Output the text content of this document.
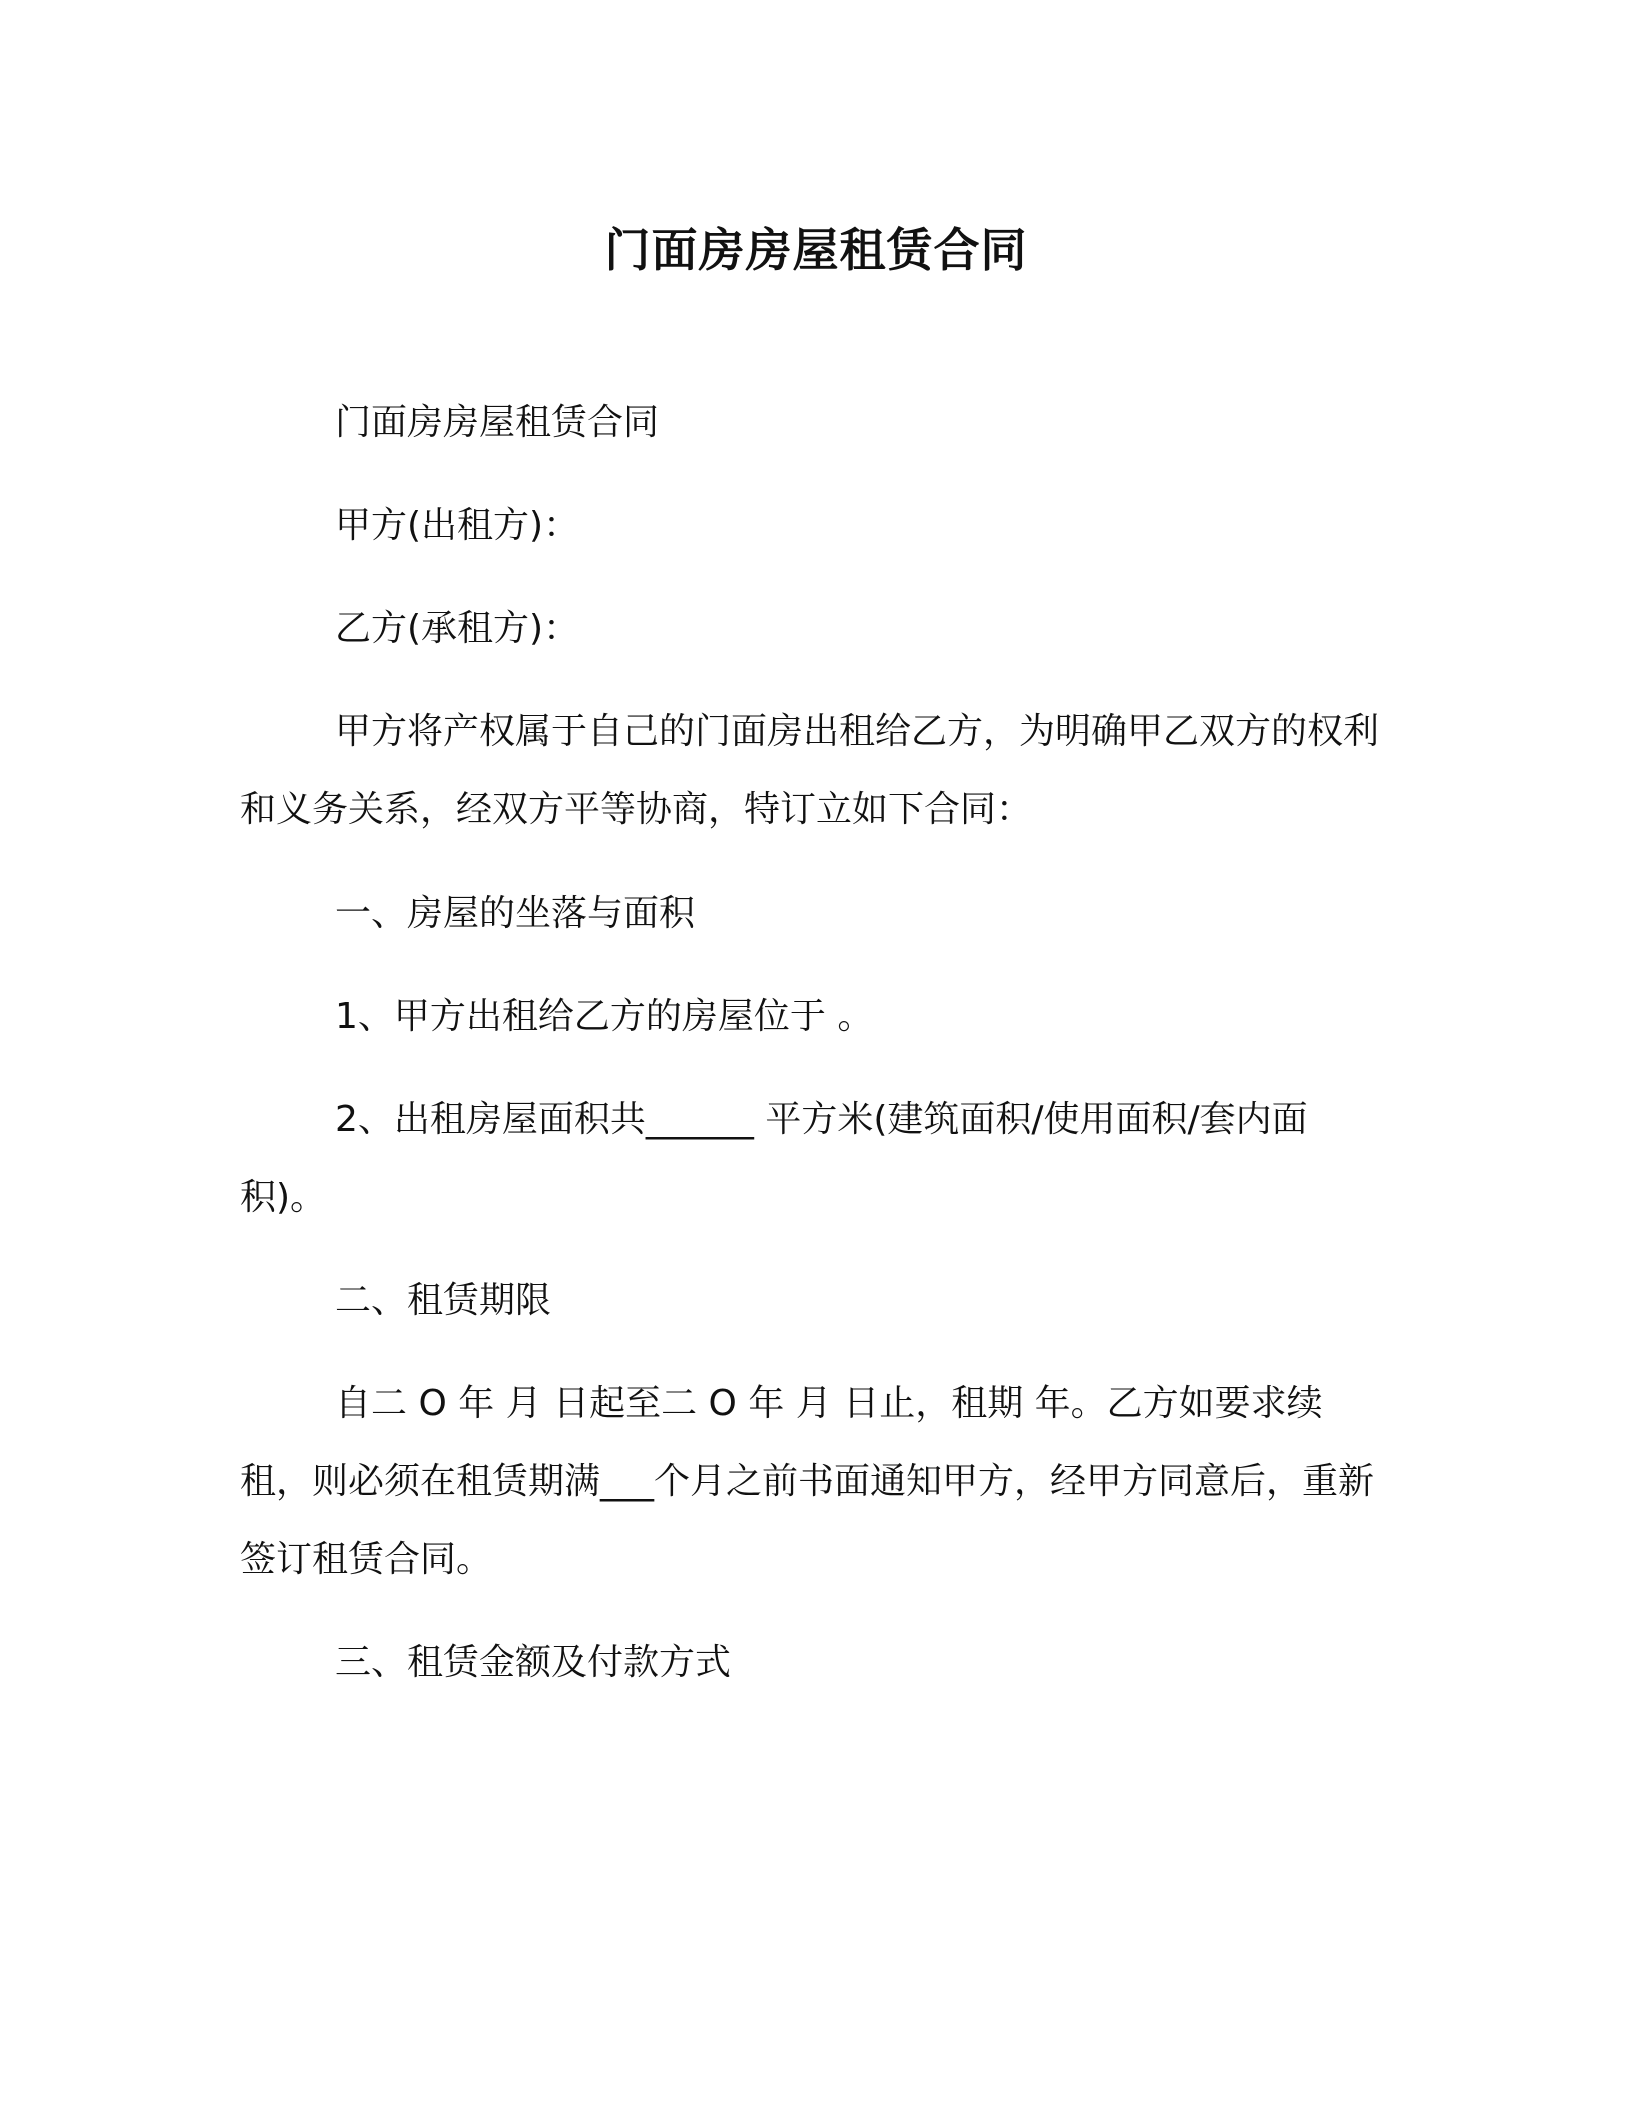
门面房房屋租赁合同

门面房房屋租赁合同

甲方(出租方)：

乙方(承租方)：

甲方将产权属于自己的门面房出租给乙方，为明确甲乙双方的权利和义务关系，经双方平等协商，特订立如下合同：

一、房屋的坐落与面积

1、甲方出租给乙方的房屋位于 。

2、出租房屋面积共______ 平方米(建筑面积/使用面积/套内面积)。

二、租赁期限

自二 O 年 月 日起至二 O 年 月 日止，租期 年。乙方如要求续租，则必须在租赁期满___个月之前书面通知甲方，经甲方同意后，重新签订租赁合同。

三、租赁金额及付款方式
